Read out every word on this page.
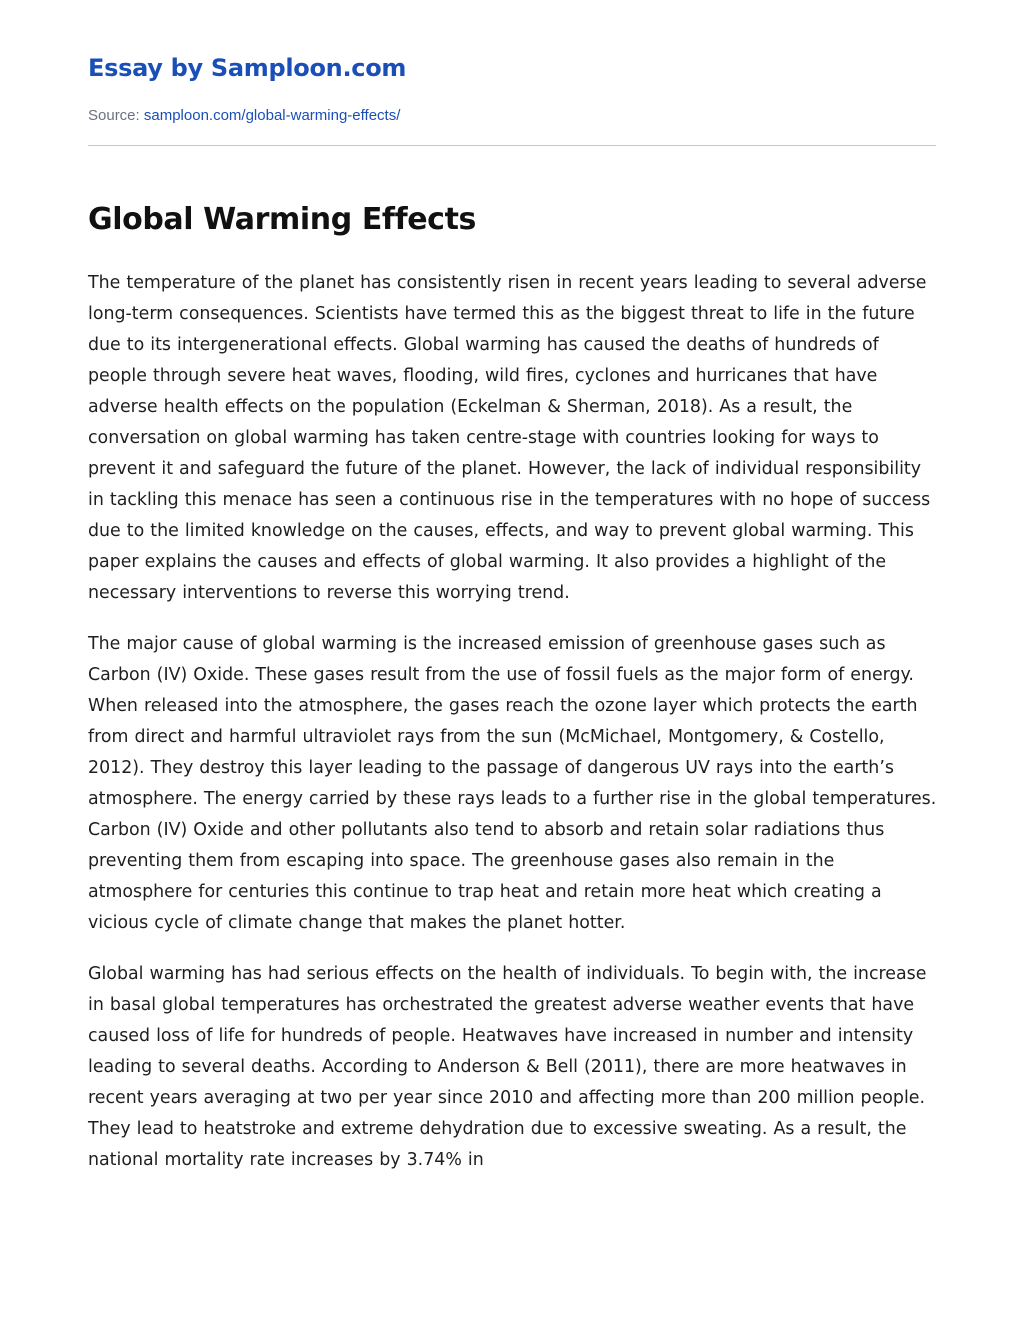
Essay by Samploon.com
Source: samploon.com/global-warming-effects/
Global Warming Effects

The temperature of the planet has consistently risen in recent years leading to several adverse long-term consequences. Scientists have termed this as the biggest threat to life in the future due to its intergenerational effects. Global warming has caused the deaths of hundreds of people through severe heat waves, flooding, wild fires, cyclones and hurricanes that have adverse health effects on the population (Eckelman & Sherman, 2018). As a result, the conversation on global warming has taken centre-stage with countries looking for ways to prevent it and safeguard the future of the planet. However, the lack of individual responsibility in tackling this menace has seen a continuous rise in the temperatures with no hope of success due to the limited knowledge on the causes, effects, and way to prevent global warming. This paper explains the causes and effects of global warming. It also provides a highlight of the necessary interventions to reverse this worrying trend.

The major cause of global warming is the increased emission of greenhouse gases such as Carbon (IV) Oxide. These gases result from the use of fossil fuels as the major form of energy. When released into the atmosphere, the gases reach the ozone layer which protects the earth from direct and harmful ultraviolet rays from the sun (McMichael, Montgomery, & Costello, 2012). They destroy this layer leading to the passage of dangerous UV rays into the earth’s atmosphere. The energy carried by these rays leads to a further rise in the global temperatures. Carbon (IV) Oxide and other pollutants also tend to absorb and retain solar radiations thus preventing them from escaping into space. The greenhouse gases also remain in the atmosphere for centuries this continue to trap heat and retain more heat which creating a vicious cycle of climate change that makes the planet hotter.

Global warming has had serious effects on the health of individuals. To begin with, the increase in basal global temperatures has orchestrated the greatest adverse weather events that have caused loss of life for hundreds of people. Heatwaves have increased in number and intensity leading to several deaths. According to Anderson & Bell (2011), there are more heatwaves in recent years averaging at two per year since 2010 and affecting more than 200 million people. They lead to heatstroke and extreme dehydration due to excessive sweating. As a result, the national mortality rate increases by 3.74% in
